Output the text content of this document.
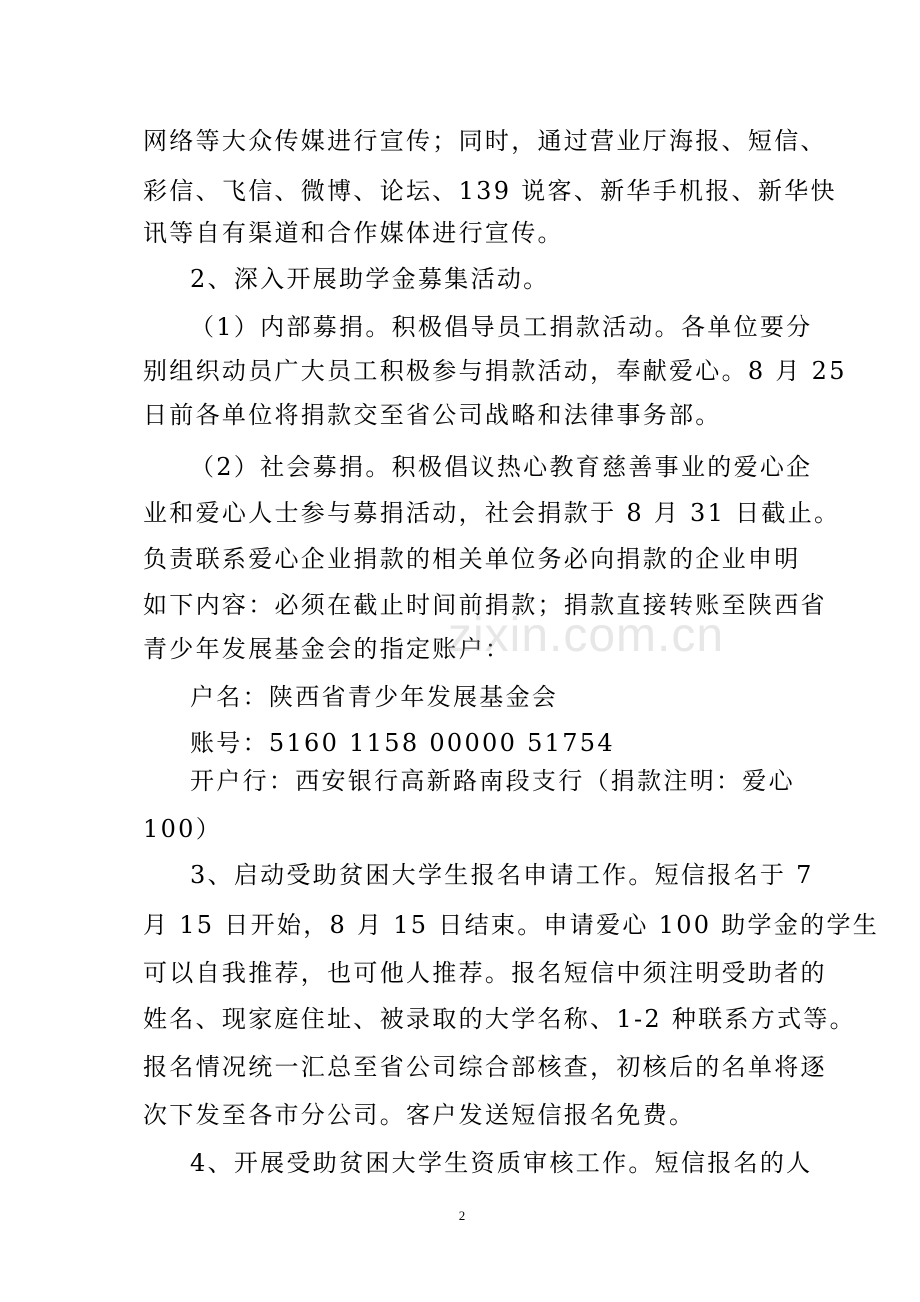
网络等大众传媒进行宣传；同时，通过营业厅海报、短信、
彩信、飞信、微博、论坛、139 说客、新华手机报、新华快
讯等自有渠道和合作媒体进行宣传。
2、深入开展助学金募集活动。
（1）内部募捐。积极倡导员工捐款活动。各单位要分
别组织动员广大员工积极参与捐款活动，奉献爱心。8 月 25
日前各单位将捐款交至省公司战略和法律事务部。
（2）社会募捐。积极倡议热心教育慈善事业的爱心企
业和爱心人士参与募捐活动，社会捐款于 8 月 31 日截止。
负责联系爱心企业捐款的相关单位务必向捐款的企业申明
如下内容：必须在截止时间前捐款；捐款直接转账至陕西省
青少年发展基金会的指定账户：
户名：陕西省青少年发展基金会
账号：5160 1158 00000 51754
开户行：西安银行高新路南段支行（捐款注明：爱心
100）
3、启动受助贫困大学生报名申请工作。短信报名于 7
月 15 日开始，8 月 15 日结束。申请爱心 100 助学金的学生
可以自我推荐，也可他人推荐。报名短信中须注明受助者的
姓名、现家庭住址、被录取的大学名称、1-2 种联系方式等。
报名情况统一汇总至省公司综合部核查，初核后的名单将逐
次下发至各市分公司。客户发送短信报名免费。
4、开展受助贫困大学生资质审核工作。短信报名的人
zixin.com.cn
2
